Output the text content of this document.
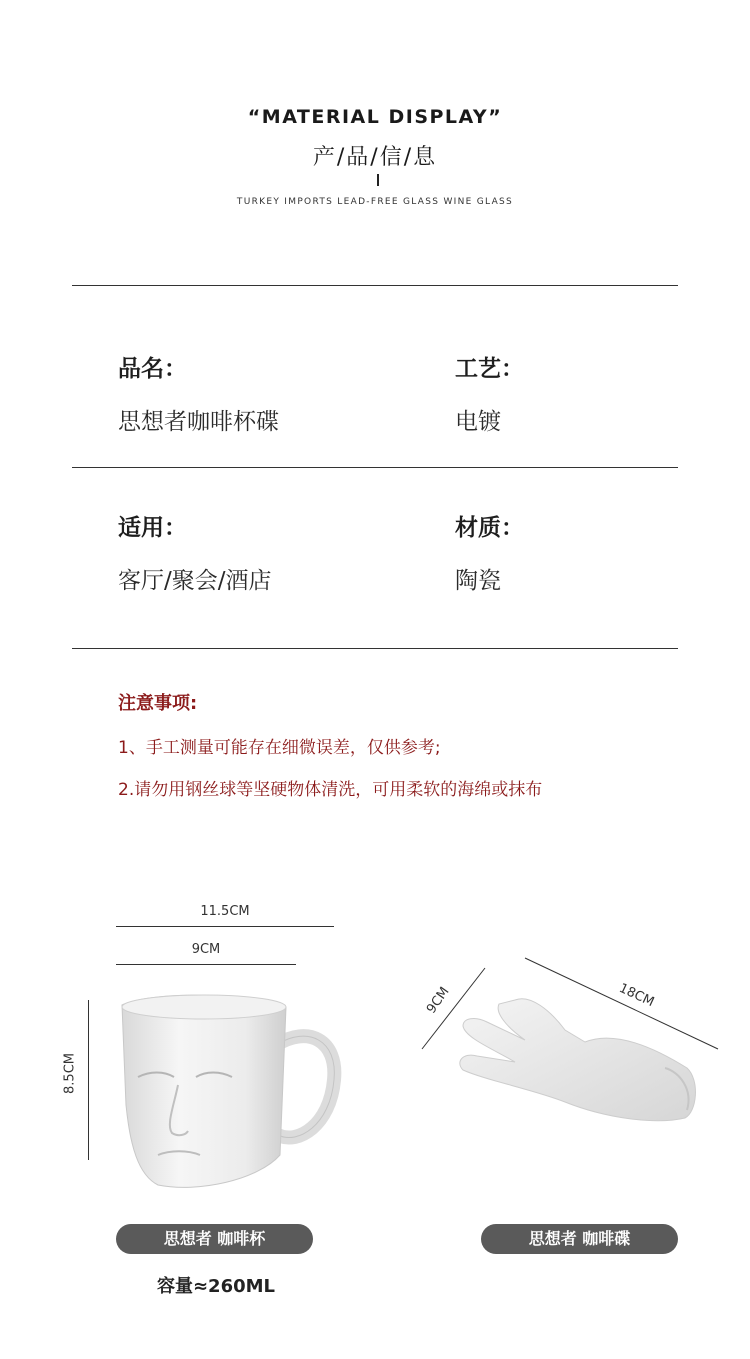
“MATERIAL DISPLAY”
产/品/信/息
TURKEY IMPORTS LEAD-FREE GLASS WINE GLASS
品名：
思想者咖啡杯碟
工艺：
电镀
适用：
客厅/聚会/酒店
材质：
陶瓷
注意事项:
1、手工测量可能存在细微误差，仅供参考;
2.请勿用钢丝球等坚硬物体清洗，可用柔软的海绵或抹布
11.5CM
9CM
8.5CM
18CM
9CM
思想者 咖啡杯	思想者 咖啡碟
容量≈260ML
